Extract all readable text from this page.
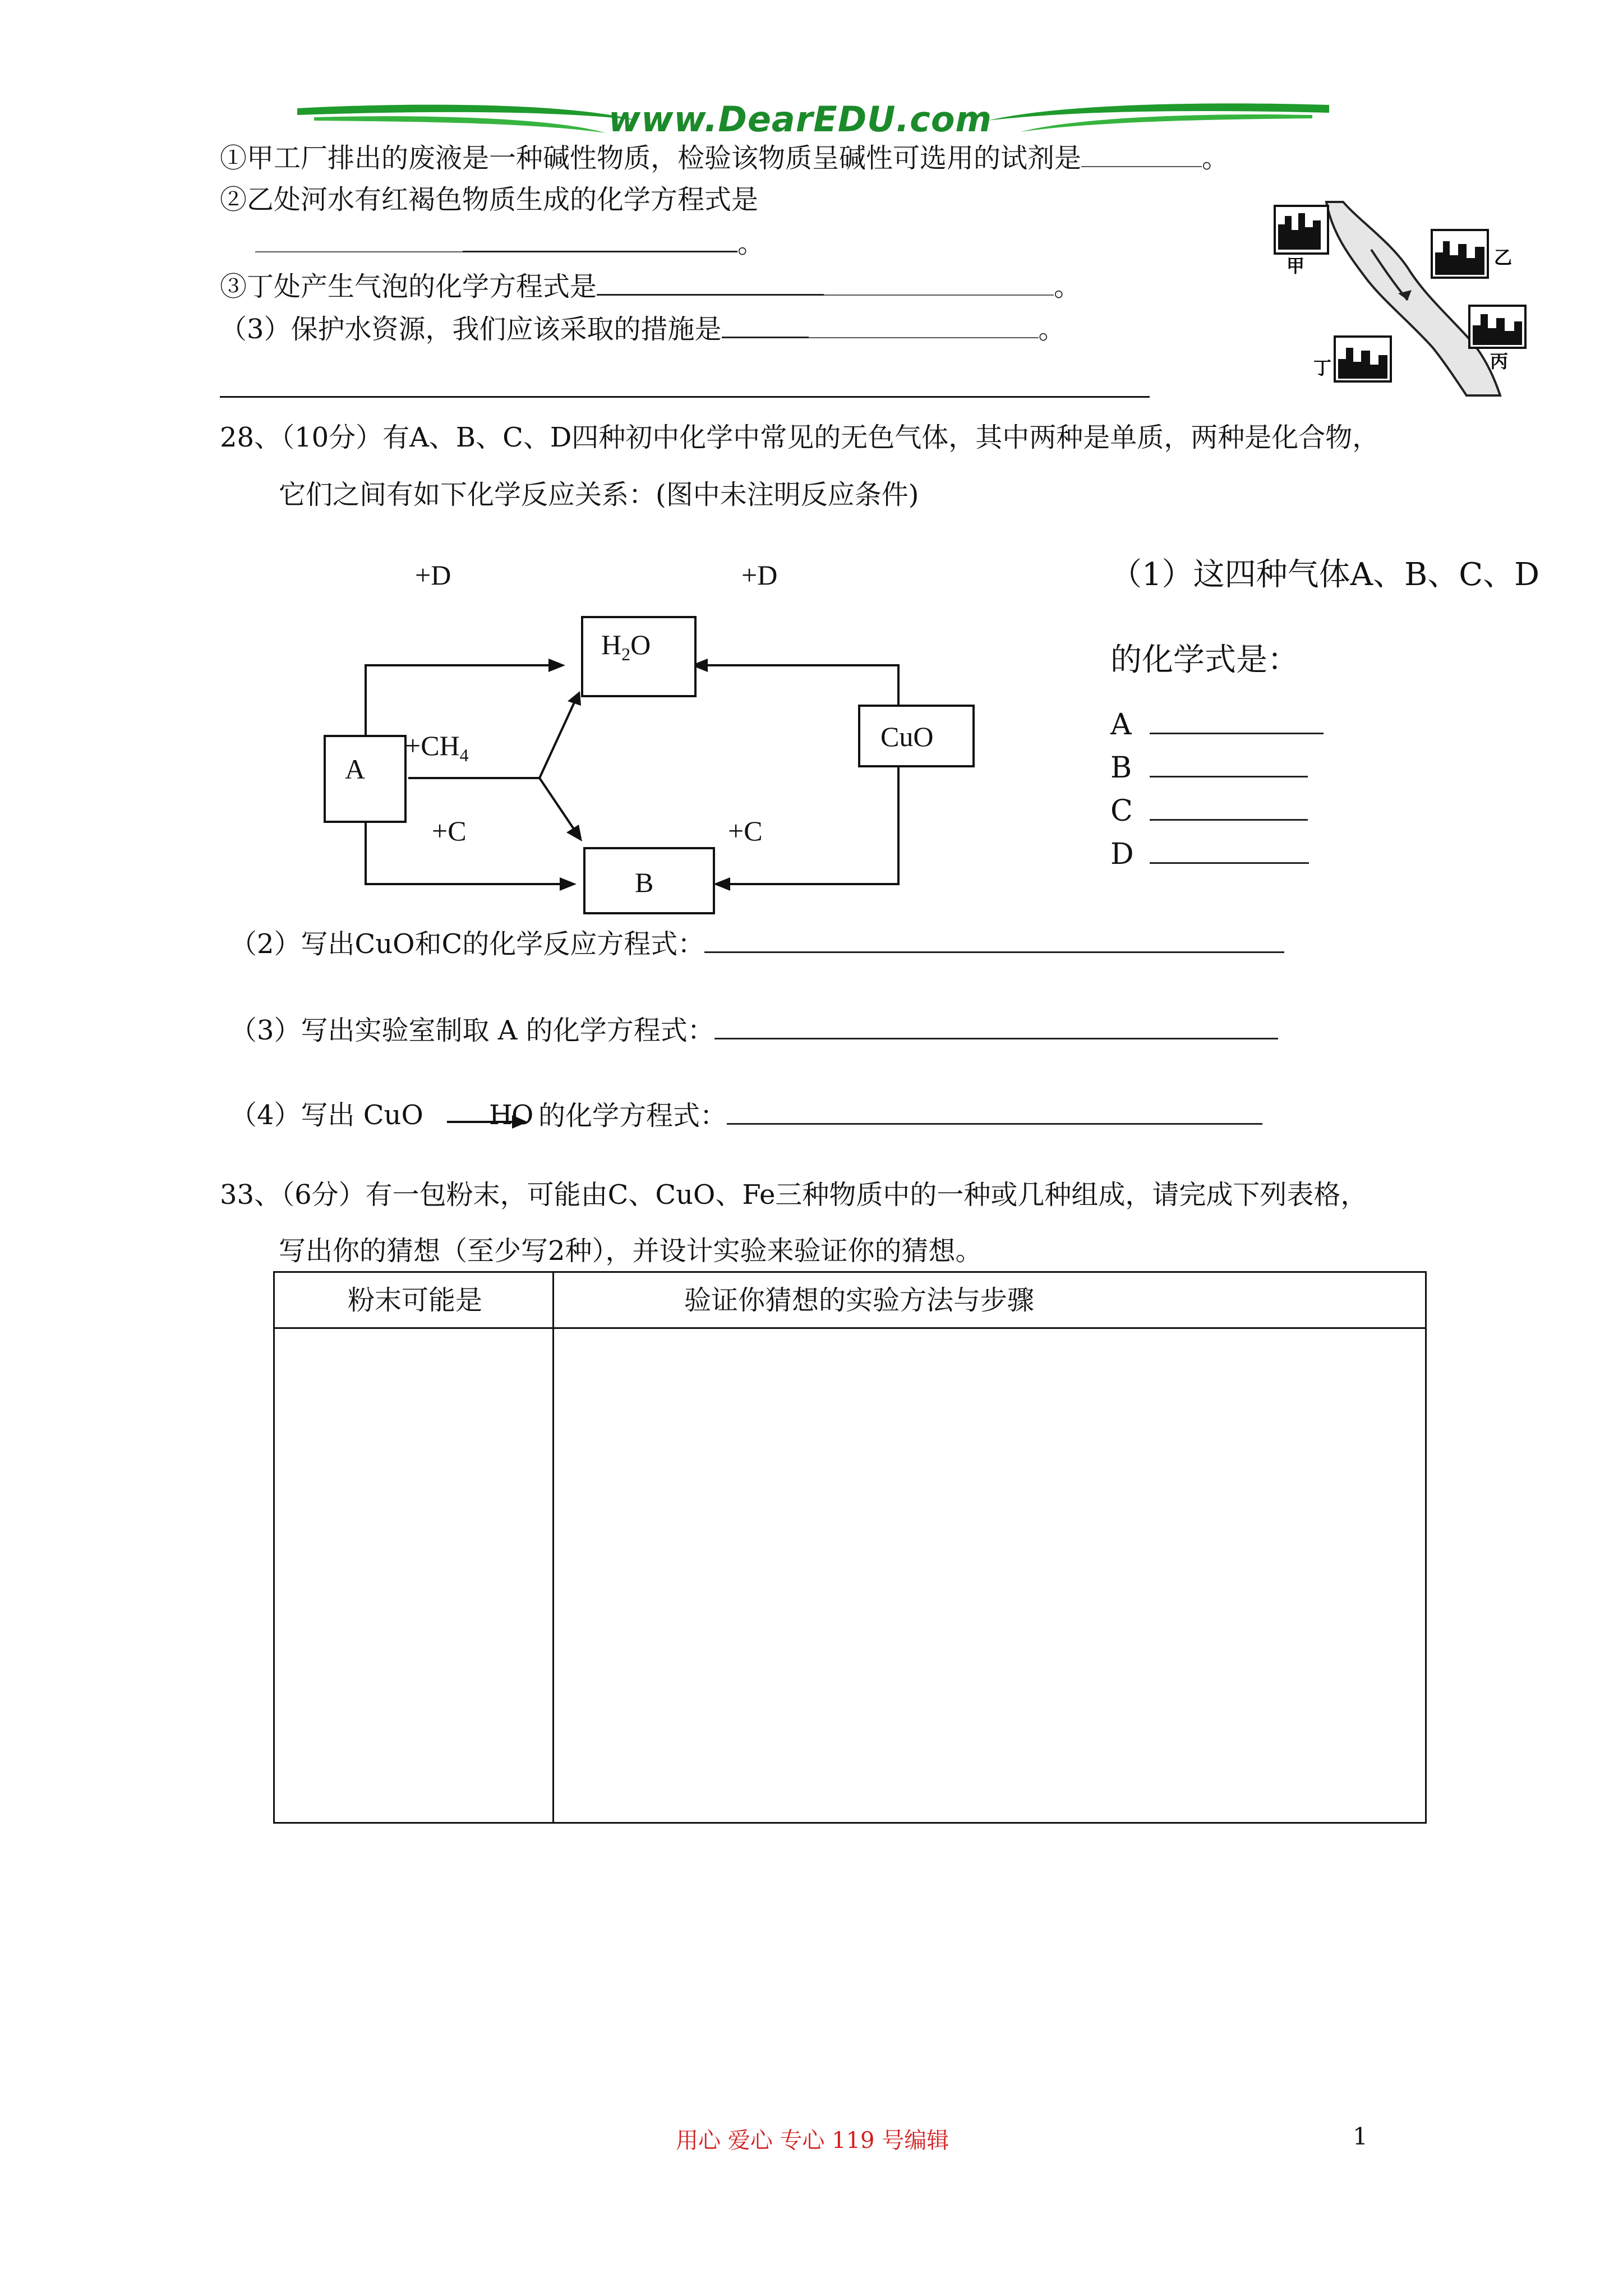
www.DearEDU.com
①甲工厂排出的废液是一种碱性物质，检验该物质呈碱性可选用的试剂是	。
②乙处河水有红褐色物质生成的化学方程式是
。
③丁处产生气泡的化学方程式是	。
（3）保护水资源，我们应该采取的措施是	。
甲	乙
丙
丁
28、（10分）有A、B、C、D四种初中化学中常见的无色气体，其中两种是单质，两种是化合物，
它们之间有如下化学反应关系：(图中未注明反应条件)
+D	+D
$H_2O$
A
$+CH_4$
CuO
+C	+C
B
（1）这四种气体A、B、C、D
的化学式是：
A
B
C
D
（2）写出CuO和C的化学反应方程式：
（3）写出实验室制取 A 的化学方程式：
（4）写出 CuO H
O 的化学方程式：
33、（6分）有一包粉末，可能由C、CuO、Fe三种物质中的一种或几种组成，请完成下列表格，
写出你的猜想（至少写2种），并设计实验来验证你的猜想。
粉末可能是	验证你猜想的实验方法与步骤

用心 爱心 专心 119 号编辑	1
